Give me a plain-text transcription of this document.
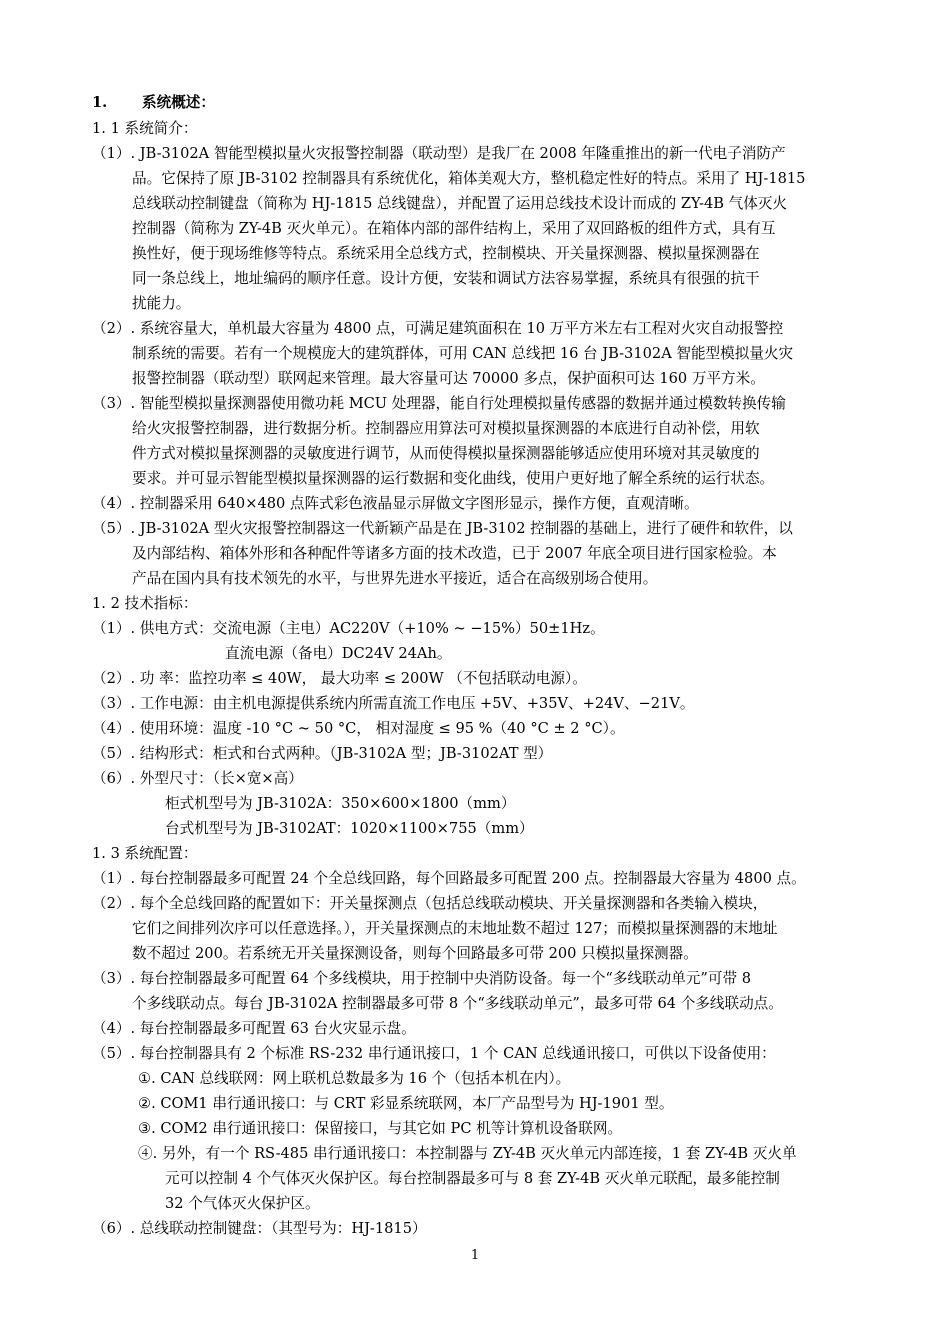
1. 系统概述：
1. 1 系统简介：
（1）. JB-3102A 智能型模拟量火灾报警控制器（联动型）是我厂在 2008 年隆重推出的新一代电子消防产
品。它保持了原 JB-3102 控制器具有系统优化，箱体美观大方，整机稳定性好的特点。采用了 HJ-1815
总线联动控制键盘（简称为 HJ-1815 总线键盘），并配置了运用总线技术设计而成的 ZY-4B 气体灭火
控制器（简称为 ZY-4B 灭火单元）。在箱体内部的部件结构上，采用了双回路板的组件方式，具有互
换性好，便于现场维修等特点。系统采用全总线方式，控制模块、开关量探测器、模拟量探测器在
同一条总线上，地址编码的顺序任意。设计方便，安装和调试方法容易掌握，系统具有很强的抗干
扰能力。
（2）. 系统容量大，单机最大容量为 4800 点，可满足建筑面积在 10 万平方米左右工程对火灾自动报警控
制系统的需要。若有一个规模庞大的建筑群体，可用 CAN 总线把 16 台 JB-3102A 智能型模拟量火灾
报警控制器（联动型）联网起来管理。最大容量可达 70000 多点，保护面积可达 160 万平方米。
（3）. 智能型模拟量探测器使用微功耗 MCU 处理器，能自行处理模拟量传感器的数据并通过模数转换传输
给火灾报警控制器，进行数据分析。控制器应用算法可对模拟量探测器的本底进行自动补偿，用软
件方式对模拟量探测器的灵敏度进行调节，从而使得模拟量探测器能够适应使用环境对其灵敏度的
要求。并可显示智能型模拟量探测器的运行数据和变化曲线，使用户更好地了解全系统的运行状态。
（4）. 控制器采用 640×480 点阵式彩色液晶显示屏做文字图形显示，操作方便，直观清晰。
（5）. JB-3102A 型火灾报警控制器这一代新颖产品是在 JB-3102 控制器的基础上，进行了硬件和软件，以
及内部结构、箱体外形和各种配件等诸多方面的技术改造，已于 2007 年底全项目进行国家检验。本
产品在国内具有技术领先的水平，与世界先进水平接近，适合在高级别场合使用。
1. 2 技术指标：
（1）. 供电方式：交流电源（主电）AC220V（+10% ~ −15%）50±1Hz。
直流电源（备电）DC24V 24Ah。
（2）. 功 率：监控功率 ≤ 40W， 最大功率 ≤ 200W （不包括联动电源）。
（3）. 工作电源：由主机电源提供系统内所需直流工作电压 +5V、+35V、+24V、−21V。
（4）. 使用环境：温度 -10 °C ~ 50 °C， 相对湿度 ≤ 95 %（40 °C ± 2 °C）。
（5）. 结构形式：柜式和台式两种。（JB-3102A 型；JB-3102AT 型）
（6）. 外型尺寸：（长×宽×高）
柜式机型号为 JB-3102A：350×600×1800（mm）
台式机型号为 JB-3102AT：1020×1100×755（mm）
1. 3 系统配置：
（1）. 每台控制器最多可配置 24 个全总线回路，每个回路最多可配置 200 点。控制器最大容量为 4800 点。
（2）. 每个全总线回路的配置如下：开关量探测点（包括总线联动模块、开关量探测器和各类输入模块，
它们之间排列次序可以任意选择。），开关量探测点的末地址数不超过 127；而模拟量探测器的末地址
数不超过 200。若系统无开关量探测设备，则每个回路最多可带 200 只模拟量探测器。
（3）. 每台控制器最多可配置 64 个多线模块，用于控制中央消防设备。每一个“多线联动单元”可带 8
个多线联动点。每台 JB-3102A 控制器最多可带 8 个“多线联动单元”，最多可带 64 个多线联动点。
（4）. 每台控制器最多可配置 63 台火灾显示盘。
（5）. 每台控制器具有 2 个标准 RS-232 串行通讯接口，1 个 CAN 总线通讯接口，可供以下设备使用：
①. CAN 总线联网：网上联机总数最多为 16 个（包括本机在内）。
②. COM1 串行通讯接口：与 CRT 彩显系统联网，本厂产品型号为 HJ-1901 型。
③. COM2 串行通讯接口：保留接口，与其它如 PC 机等计算机设备联网。
④. 另外，有一个 RS-485 串行通讯接口：本控制器与 ZY-4B 灭火单元内部连接，1 套 ZY-4B 灭火单
元可以控制 4 个气体灭火保护区。每台控制器最多可与 8 套 ZY-4B 灭火单元联配，最多能控制
32 个气体灭火保护区。
（6）. 总线联动控制键盘：（其型号为：HJ-1815）
1
